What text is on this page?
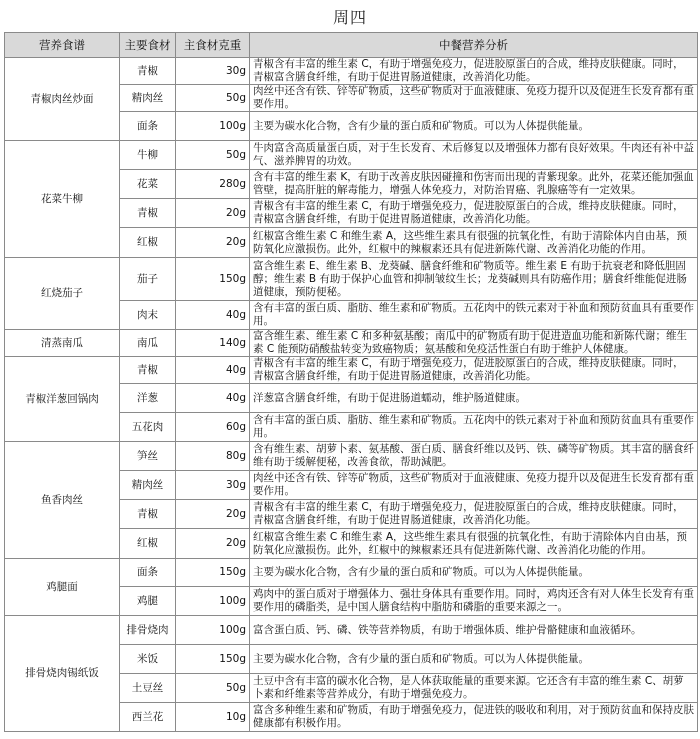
周四
营养食谱	主要食材	主食材克重	中餐营养分析
青椒肉丝炒面	青椒	30g	青椒含有丰富的维生素 C，有助于增强免疫力，促进胶原蛋白的合成，维持皮肤健康。同时，青椒富含膳食纤维，有助于促进胃肠道健康，改善消化功能。
	精肉丝	50g	肉丝中还含有铁、锌等矿物质，这些矿物质对于血液健康、免疫力提升以及促进生长发育都有重要作用。
	面条	100g	主要为碳水化合物，含有少量的蛋白质和矿物质。可以为人体提供能量。
花菜牛柳	牛柳	50g	牛肉富含高质量蛋白质，对于生长发育、术后修复以及增强体力都有良好效果。牛肉还有补中益气、滋养脾胃的功效。
	花菜	280g	含有丰富的维生素 K，有助于改善皮肤因碰撞和伤害而出现的青紫现象。此外，花菜还能加强血管壁，提高肝脏的解毒能力，增强人体免疫力，对防治胃癌、乳腺癌等有一定效果。
	青椒	20g	青椒含有丰富的维生素 C，有助于增强免疫力，促进胶原蛋白的合成，维持皮肤健康。同时，青椒富含膳食纤维，有助于促进胃肠道健康，改善消化功能。
	红椒	20g	红椒富含维生素 C 和维生素 A，这些维生素具有很强的抗氧化性，有助于清除体内自由基，预防氧化应激损伤。此外，红椒中的辣椒素还具有促进新陈代谢、改善消化功能的作用。
红烧茄子	茄子	150g	富含维生素 E、维生素 B、龙葵碱、膳食纤维和矿物质等。维生素 E 有助于抗衰老和降低胆固醇；维生素 B 有助于保护心血管和抑制皱纹生长；龙葵碱则具有防癌作用；膳食纤维能促进肠道健康，预防便秘。
	肉末	40g	含有丰富的蛋白质、脂肪、维生素和矿物质。五花肉中的铁元素对于补血和预防贫血具有重要作用。
清蒸南瓜	南瓜	140g	富含维生素、维生素 C 和多种氨基酸；南瓜中的矿物质有助于促进造血功能和新陈代谢；维生素 C 能预防硝酸盐转变为致癌物质；氨基酸和免疫活性蛋白有助于维护人体健康。
青椒洋葱回锅肉	青椒	40g	青椒含有丰富的维生素 C，有助于增强免疫力，促进胶原蛋白的合成，维持皮肤健康。同时，青椒富含膳食纤维，有助于促进胃肠道健康，改善消化功能。
	洋葱	40g	洋葱富含膳食纤维，有助于促进肠道蠕动，维护肠道健康。
	五花肉	60g	含有丰富的蛋白质、脂肪、维生素和矿物质。五花肉中的铁元素对于补血和预防贫血具有重要作用。
鱼香肉丝	笋丝	80g	含有维生素、胡萝卜素、氨基酸、蛋白质、膳食纤维以及钙、铁、磷等矿物质。其丰富的膳食纤维有助于缓解便秘，改善食欲，帮助減肥。
	精肉丝	30g	肉丝中还含有铁、锌等矿物质，这些矿物质对于血液健康、免疫力提升以及促进生长发育都有重要作用。
	青椒	20g	青椒含有丰富的维生素 C，有助于增强免疫力，促进胶原蛋白的合成，维持皮肤健康。同时，青椒富含膳食纤维，有助于促进胃肠道健康，改善消化功能。
	红椒	20g	红椒富含维生素 C 和维生素 A，这些维生素具有很强的抗氧化性，有助于清除体内自由基，预防氧化应激损伤。此外，红椒中的辣椒素还具有促进新陈代谢、改善消化功能的作用。
鸡腿面	面条	150g	主要为碳水化合物，含有少量的蛋白质和矿物质。可以为人体提供能量。
	鸡腿	100g	鸡肉中的蛋白质对于增强体力、强壮身体具有重要作用。同时，鸡肉还含有对人体生长发育有重要作用的磷脂类，是中国人膳食结构中脂肪和磷脂的重要来源之一。
排骨烧肉锡纸饭	排骨烧肉	100g	富含蛋白质、钙、磷、铁等营养物质，有助于增强体质、维护骨骼健康和血液循环。
	米饭	150g	主要为碳水化合物，含有少量的蛋白质和矿物质。可以为人体提供能量。
	土豆丝	50g	土豆中含有丰富的碳水化合物，是人体获取能量的重要来源。它还含有丰富的维生素 C、胡萝卜素和纤维素等营养成分，有助于增强免疫力。
	西兰花	10g	富含多种维生素和矿物质，有助于增强免疫力，促进铁的吸收和利用，对于预防贫血和保持皮肤健康都有积极作用。
